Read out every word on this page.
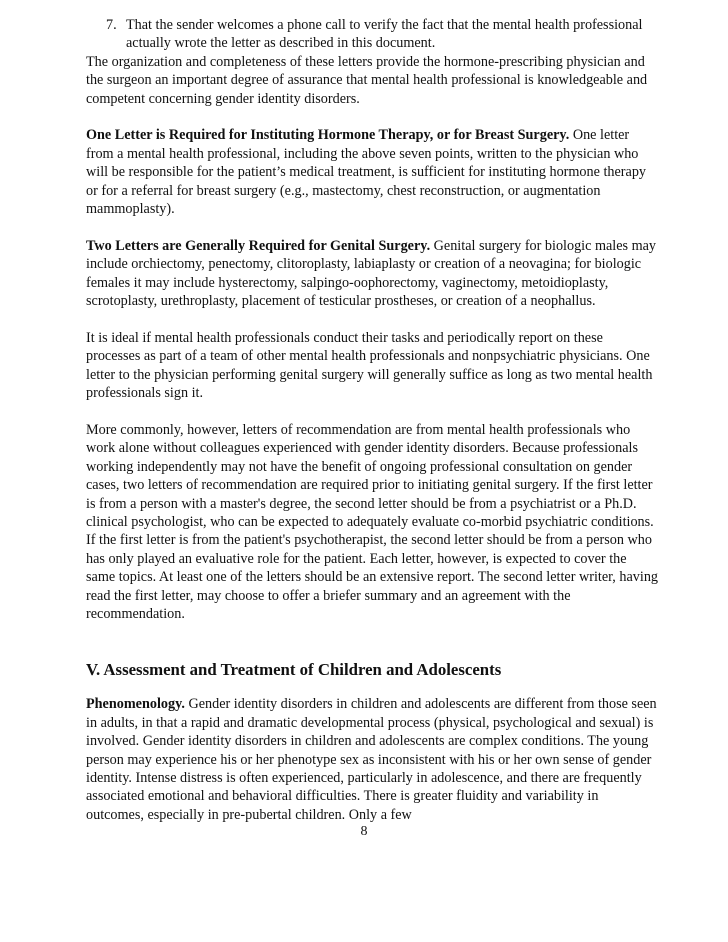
7. That the sender welcomes a phone call to verify the fact that the mental health professional actually wrote the letter as described in this document.

The organization and completeness of these letters provide the hormone-prescribing physician and the surgeon an important degree of assurance that mental health professional is knowledgeable and competent concerning gender identity disorders.

One Letter is Required for Instituting Hormone Therapy, or for Breast Surgery. One letter from a mental health professional, including the above seven points, written to the physician who will be responsible for the patient’s medical treatment, is sufficient for instituting hormone therapy or for a referral for breast surgery (e.g., mastectomy, chest reconstruction, or augmentation mammoplasty).

Two Letters are Generally Required for Genital Surgery. Genital surgery for biologic males may include orchiectomy, penectomy, clitoroplasty, labiaplasty or creation of a neovagina; for biologic females it may include hysterectomy, salpingo-oophorectomy, vaginectomy, metoidioplasty, scrotoplasty, urethroplasty, placement of testicular prostheses, or creation of a neophallus.

It is ideal if mental health professionals conduct their tasks and periodically report on these processes as part of a team of other mental health professionals and nonpsychiatric physicians. One letter to the physician performing genital surgery will generally suffice as long as two mental health professionals sign it.

More commonly, however, letters of recommendation are from mental health professionals who work alone without colleagues experienced with gender identity disorders. Because professionals working independently may not have the benefit of ongoing professional consultation on gender cases, two letters of recommendation are required prior to initiating genital surgery. If the first letter is from a person with a master's degree, the second letter should be from a psychiatrist or a Ph.D. clinical psychologist, who can be expected to adequately evaluate co-morbid psychiatric conditions. If the first letter is from the patient's psychotherapist, the second letter should be from a person who has only played an evaluative role for the patient. Each letter, however, is expected to cover the same topics. At least one of the letters should be an extensive report. The second letter writer, having read the first letter, may choose to offer a briefer summary and an agreement with the recommendation.

V. Assessment and Treatment of Children and Adolescents

Phenomenology. Gender identity disorders in children and adolescents are different from those seen in adults, in that a rapid and dramatic developmental process (physical, psychological and sexual) is involved. Gender identity disorders in children and adolescents are complex conditions. The young person may experience his or her phenotype sex as inconsistent with his or her own sense of gender identity. Intense distress is often experienced, particularly in adolescence, and there are frequently associated emotional and behavioral difficulties. There is greater fluidity and variability in outcomes, especially in pre-pubertal children. Only a few

8
